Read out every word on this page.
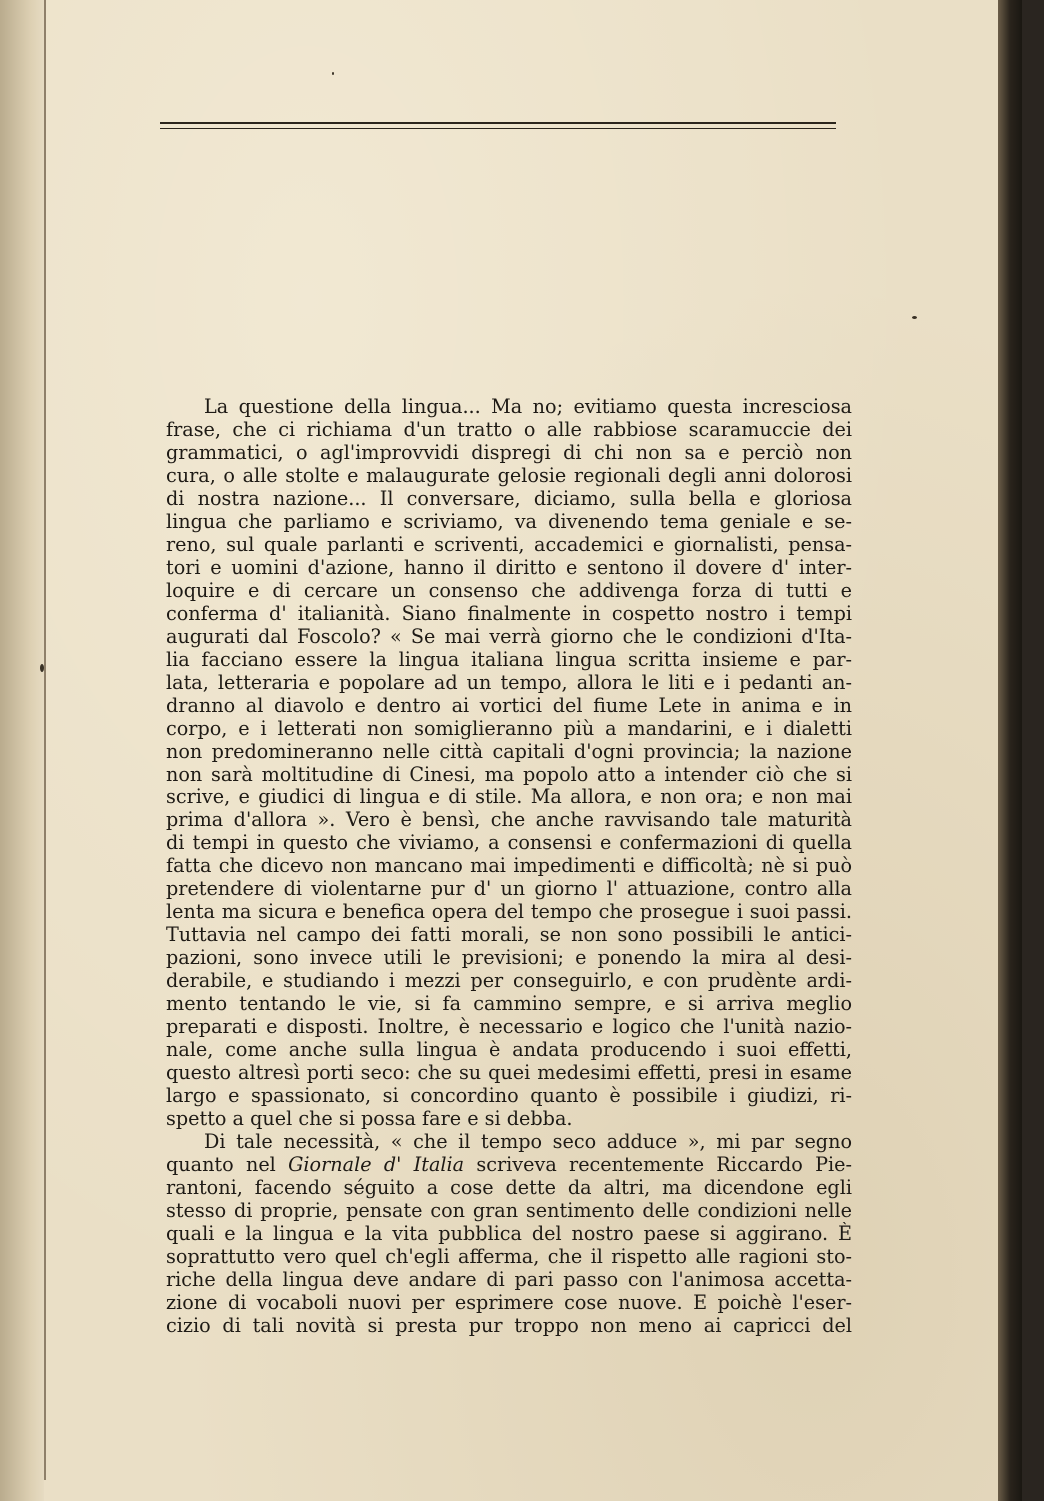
La questione della lingua... Ma no; evitiamo questa incresciosa
frase, che ci richiama d'un tratto o alle rabbiose scaramuccie dei
grammatici, o agl'improvvidi dispregi di chi non sa e perciò non
cura, o alle stolte e malaugurate gelosie regionali degli anni dolorosi
di nostra nazione... Il conversare, diciamo, sulla bella e gloriosa
lingua che parliamo e scriviamo, va divenendo tema geniale e se-
reno, sul quale parlanti e scriventi, accademici e giornalisti, pensa-
tori e uomini d'azione, hanno il diritto e sentono il dovere d' inter-
loquire e di cercare un consenso che addivenga forza di tutti e
conferma d' italianità. Siano finalmente in cospetto nostro i tempi
augurati dal Foscolo? « Se mai verrà giorno che le condizioni d'Ita-
lia facciano essere la lingua italiana lingua scritta insieme e par-
lata, letteraria e popolare ad un tempo, allora le liti e i pedanti an-
dranno al diavolo e dentro ai vortici del fiume Lete in anima e in
corpo, e i letterati non somiglieranno più a mandarini, e i dialetti
non predomineranno nelle città capitali d'ogni provincia; la nazione
non sarà moltitudine di Cinesi, ma popolo atto a intender ciò che si
scrive, e giudici di lingua e di stile. Ma allora, e non ora; e non mai
prima d'allora ». Vero è bensì, che anche ravvisando tale maturità
di tempi in questo che viviamo, a consensi e confermazioni di quella
fatta che dicevo non mancano mai impedimenti e difficoltà; nè si può
pretendere di violentarne pur d' un giorno l' attuazione, contro alla
lenta ma sicura e benefica opera del tempo che prosegue i suoi passi.
Tuttavia nel campo dei fatti morali, se non sono possibili le antici-
pazioni, sono invece utili le previsioni; e ponendo la mira al desi-
derabile, e studiando i mezzi per conseguirlo, e con prudènte ardi-
mento tentando le vie, si fa cammino sempre, e si arriva meglio
preparati e disposti. Inoltre, è necessario e logico che l'unità nazio-
nale, come anche sulla lingua è andata producendo i suoi effetti,
questo altresì porti seco: che su quei medesimi effetti, presi in esame
largo e spassionato, si concordino quanto è possibile i giudizi, ri-
spetto a quel che si possa fare e si debba.
Di tale necessità, « che il tempo seco adduce », mi par segno
quanto nel Giornale d' Italia scriveva recentemente Riccardo Pie-
rantoni, facendo séguito a cose dette da altri, ma dicendone egli
stesso di proprie, pensate con gran sentimento delle condizioni nelle
quali e la lingua e la vita pubblica del nostro paese si aggirano. È
soprattutto vero quel ch'egli afferma, che il rispetto alle ragioni sto-
riche della lingua deve andare di pari passo con l'animosa accetta-
zione di vocaboli nuovi per esprimere cose nuove. E poichè l'eser-
cizio di tali novità si presta pur troppo non meno ai capricci del
